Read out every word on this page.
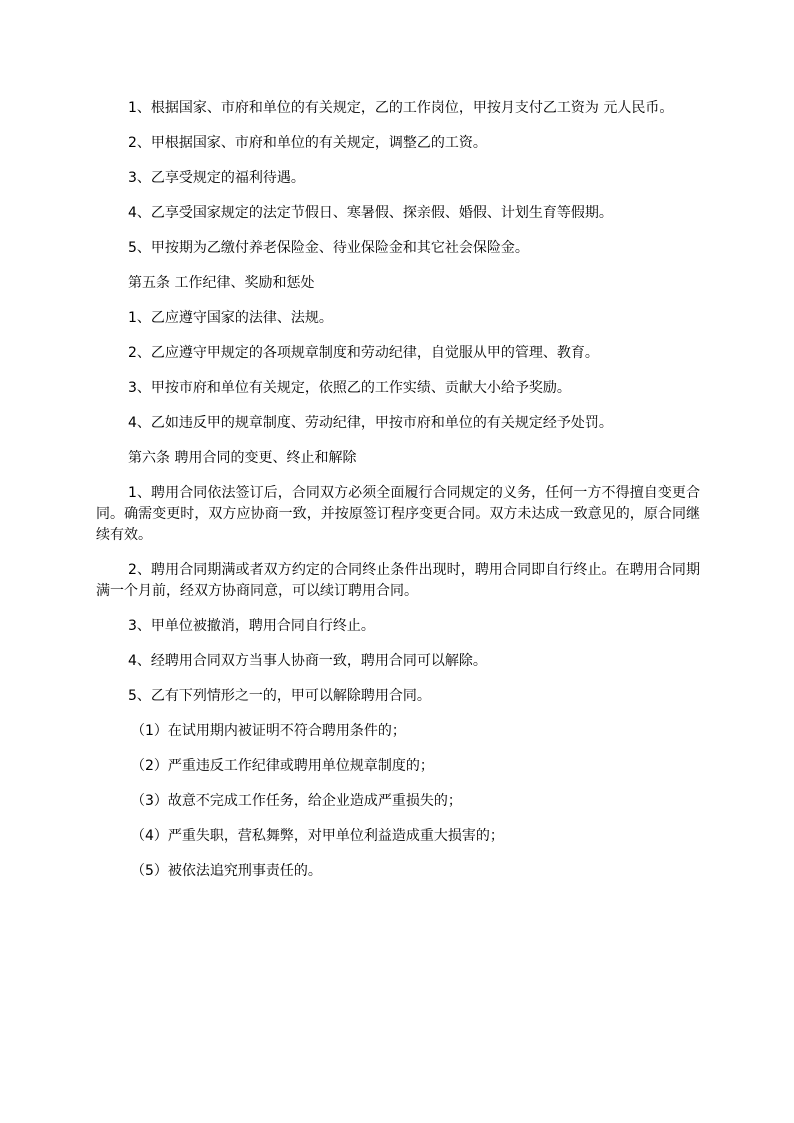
1、根据国家、市府和单位的有关规定，乙的工作岗位，甲按月支付乙工资为 元人民币。

2、甲根据国家、市府和单位的有关规定，调整乙的工资。

3、乙享受规定的福利待遇。

4、乙享受国家规定的法定节假日、寒暑假、探亲假、婚假、计划生育等假期。

5、甲按期为乙缴付养老保险金、待业保险金和其它社会保险金。

第五条 工作纪律、奖励和惩处

1、乙应遵守国家的法律、法规。

2、乙应遵守甲规定的各项规章制度和劳动纪律，自觉服从甲的管理、教育。

3、甲按市府和单位有关规定，依照乙的工作实绩、贡献大小给予奖励。

4、乙如违反甲的规章制度、劳动纪律，甲按市府和单位的有关规定经予处罚。

第六条 聘用合同的变更、终止和解除

1、聘用合同依法签订后，合同双方必须全面履行合同规定的义务，任何一方不得擅自变更合同。确需变更时，双方应协商一致，并按原签订程序变更合同。双方未达成一致意见的，原合同继续有效。

2、聘用合同期满或者双方约定的合同终止条件出现时，聘用合同即自行终止。在聘用合同期满一个月前，经双方协商同意，可以续订聘用合同。

3、甲单位被撤消，聘用合同自行终止。

4、经聘用合同双方当事人协商一致，聘用合同可以解除。

5、乙有下列情形之一的，甲可以解除聘用合同。

（1）在试用期内被证明不符合聘用条件的；

（2）严重违反工作纪律或聘用单位规章制度的；

（3）故意不完成工作任务，给企业造成严重损失的；

（4）严重失职，营私舞弊，对甲单位利益造成重大损害的；

（5）被依法追究刑事责任的。
